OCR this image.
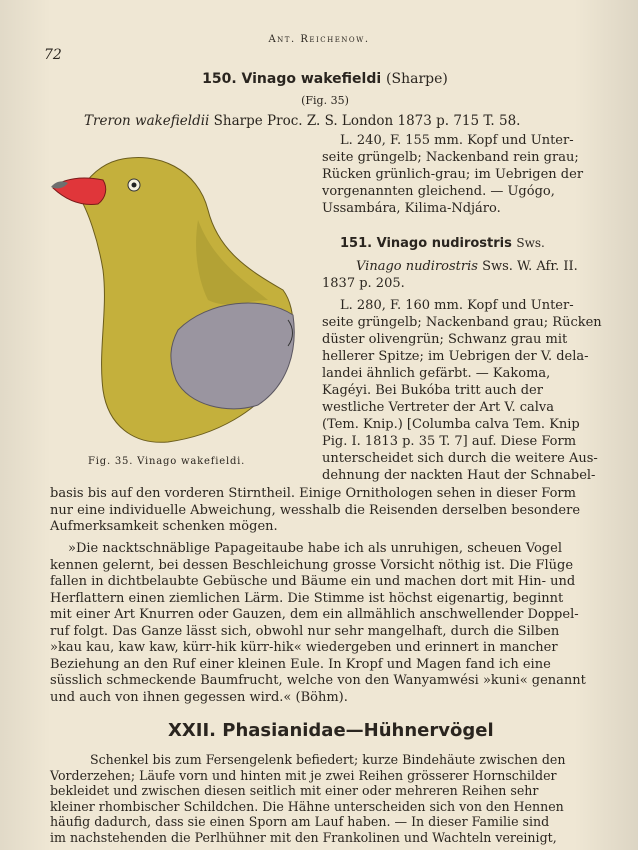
Ant. Reichenow.
72
150. Vinago wakefieldi (Sharpe)
(Fig. 35)
Treron wakefieldii Sharpe Proc. Z. S. London 1873 p. 715 T. 58.

L. 240, F. 155 mm. Kopf und Unter-

seite grüngelb; Nackenband rein grau;

Rücken grünlich-grau; im Uebrigen der

vorgenannten gleichend. — Ugógo,

Ussambára, Kilima-Ndjáro.

151. Vinago nudirostris Sws.

Vinago nudirostris Sws. W. Afr. II.

1837 p. 205.

L. 280, F. 160 mm. Kopf und Unter-

seite grüngelb; Nackenband grau; Rücken

düster olivengrün; Schwanz grau mit

hellerer Spitze; im Uebrigen der V. dela-

landei ähnlich gefärbt. — Kakoma,

Kagéyi. Bei Bukóba tritt auch der

westliche Vertreter der Art V. calva

(Tem. Knip.) [Columba calva Tem. Knip

Pig. I. 1813 p. 35 T. 7] auf. Diese Form

unterscheidet sich durch die weitere Aus-

dehnung der nackten Haut der Schnabel-

Fig. 35. Vinago wakefieldi.

basis bis auf den vorderen Stirntheil. Einige Ornithologen sehen in dieser Form

nur eine individuelle Abweichung, wesshalb die Reisenden derselben besondere

Aufmerksamkeit schenken mögen.

»Die nacktschnäblige Papageitaube habe ich als unruhigen, scheuen Vogel

kennen gelernt, bei dessen Beschleichung grosse Vorsicht nöthig ist. Die Flüge

fallen in dichtbelaubte Gebüsche und Bäume ein und machen dort mit Hin- und

Herflattern einen ziemlichen Lärm. Die Stimme ist höchst eigenartig, beginnt

mit einer Art Knurren oder Gauzen, dem ein allmählich anschwellender Doppel-

ruf folgt. Das Ganze lässt sich, obwohl nur sehr mangelhaft, durch die Silben

»kau kau, kaw kaw, kürr-hik kürr-hik« wiedergeben und erinnert in mancher

Beziehung an den Ruf einer kleinen Eule. In Kropf und Magen fand ich eine

süsslich schmeckende Baumfrucht, welche von den Wanyamwési »kuni« genannt

und auch von ihnen gegessen wird.« (Böhm).

XXII. Phasianidae—Hühnervögel

Schenkel bis zum Fersengelenk befiedert; kurze Bindehäute zwischen den

Vorderzehen; Läufe vorn und hinten mit je zwei Reihen grösserer Hornschilder

bekleidet und zwischen diesen seitlich mit einer oder mehreren Reihen sehr

kleiner rhombischer Schildchen. Die Hähne unterscheiden sich von den Hennen

häufig dadurch, dass sie einen Sporn am Lauf haben. — In dieser Familie sind

im nachstehenden die Perlhühner mit den Frankolinen und Wachteln vereinigt,
